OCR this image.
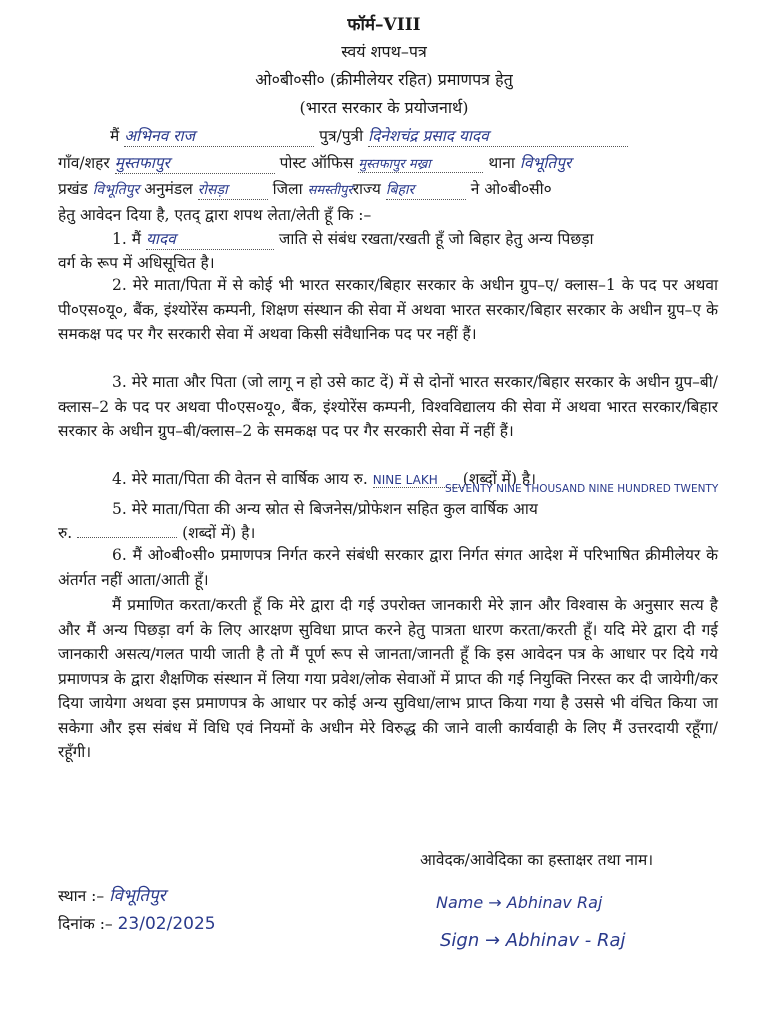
फॉर्म–VIII
स्वयं शपथ–पत्र
ओ०बी०सी० (क्रीमीलेयर रहित) प्रमाणपत्र हेतु
(भारत सरकार के प्रयोजनार्थ)
मैं अभिनव राज	पुत्र/पुत्री दिनेशचंद्र प्रसाद यादव
गाँव/शहर मुस्तफापुर	पोस्ट ऑफिस मुस्तफापुर मख्रा	थाना विभूतिपुर
प्रखंड विभूतिपुर अनुमंडल रोसड़ा	जिला समस्तीपुरराज्य बिहार	ने ओ०बी०सी०
हेतु आवेदन दिया है, एतद् द्वारा शपथ लेता/लेती हूँ कि :–
1. मैं यादव	जाति से संबंध रखता/रखती हूँ जो बिहार हेतु अन्य पिछड़ा
वर्ग के रूप में अधिसूचित है।
2. मेरे माता/पिता में से कोई भी भारत सरकार/बिहार सरकार के अधीन ग्रुप–ए/ क्लास–1 के पद पर अथवा पी०एस०यू०, बैंक, इंश्योरेंस कम्पनी, शिक्षण संस्थान की सेवा में अथवा भारत सरकार/बिहार सरकार के अधीन ग्रुप–ए के समकक्ष पद पर गैर सरकारी सेवा में अथवा किसी संवैधानिक पद पर नहीं हैं।
3. मेरे माता और पिता (जो लागू न हो उसे काट दें) में से दोनों भारत सरकार/बिहार सरकार के अधीन ग्रुप–बी/क्लास–2 के पद पर अथवा पी०एस०यू०, बैंक, इंश्योरेंस कम्पनी, विश्वविद्यालय की सेवा में अथवा भारत सरकार/बिहार सरकार के अधीन ग्रुप–बी/क्लास–2 के समकक्ष पद पर गैर सरकारी सेवा में नहीं हैं।
4. मेरे माता/पिता की वेतन से वार्षिक आय रु. NINE LAKH (शब्दों में) है।
SEVENTY NINE THOUSAND NINE HUNDRED TWENTY
5. मेरे माता/पिता की अन्य स्रोत से बिजनेस/प्रोफेशन सहित कुल वार्षिक आय
रु.	(शब्दों में) है।
6. मैं ओ०बी०सी० प्रमाणपत्र निर्गत करने संबंधी सरकार द्वारा निर्गत संगत आदेश में परिभाषित क्रीमीलेयर के अंतर्गत नहीं आता/आती हूँ।
मैं प्रमाणित करता/करती हूँ कि मेरे द्वारा दी गई उपरोक्त जानकारी मेरे ज्ञान और विश्वास के अनुसार सत्य है और मैं अन्य पिछड़ा वर्ग के लिए आरक्षण सुविधा प्राप्त करने हेतु पात्रता धारण करता/करती हूँ। यदि मेरे द्वारा दी गई जानकारी असत्य/गलत पायी जाती है तो मैं पूर्ण रूप से जानता/जानती हूँ कि इस आवेदन पत्र के आधार पर दिये गये प्रमाणपत्र के द्वारा शैक्षणिक संस्थान में लिया गया प्रवेश/लोक सेवाओं में प्राप्त की गई नियुक्ति निरस्त कर दी जायेगी/कर दिया जायेगा अथवा इस प्रमाणपत्र के आधार पर कोई अन्य सुविधा/लाभ प्राप्त किया गया है उससे भी वंचित किया जा सकेगा और इस संबंध में विधि एवं नियमों के अधीन मेरे विरुद्ध की जाने वाली कार्यवाही के लिए मैं उत्तरदायी रहूँगा/रहूँगी।
आवेदक/आवेदिका का हस्ताक्षर तथा नाम।
स्थान :– विभूतिपुर
दिनांक :– 23/02/2025
Name → Abhinav Raj
Sign → Abhinav - Raj
